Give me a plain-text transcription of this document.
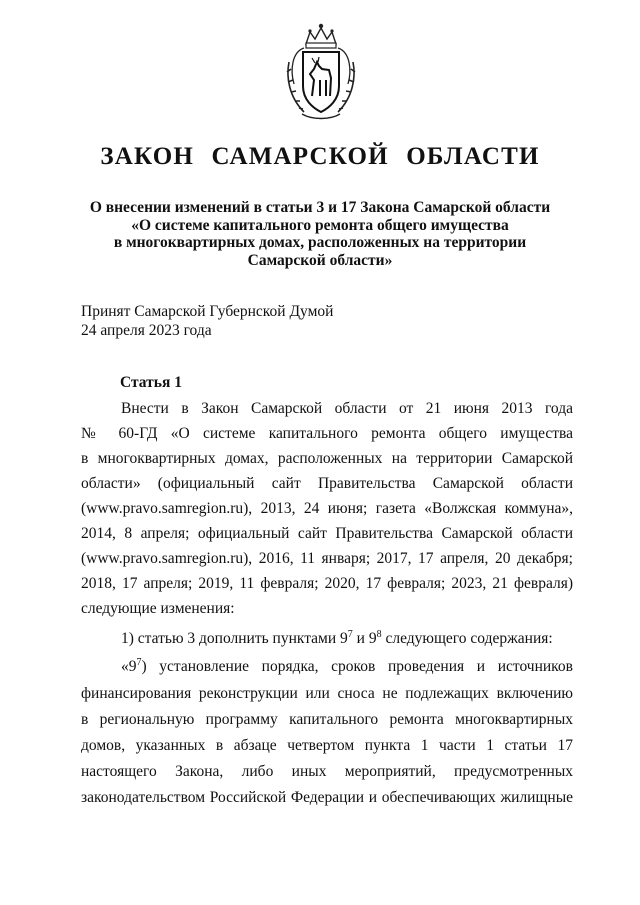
ЗАКОН САМАРСКОЙ ОБЛАСТИ
О внесении изменений в статьи 3 и 17 Закона Самарской области
«О системе капитального ремонта общего имущества
в многоквартирных домах, расположенных на территории
Самарской области»
Принят Самарской Губернской Думой
24 апреля 2023 года
Статья 1
Внести в Закон Самарской области от 21 июня 2013 года
№ 60-ГД «О системе капитального ремонта общего имущества
в многоквартирных домах, расположенных на территории Самарской
области» (официальный сайт Правительства Самарской области
(www.pravo.samregion.ru), 2013, 24 июня; газета «Волжская коммуна»,
2014, 8 апреля; официальный сайт Правительства Самарской области
(www.pravo.samregion.ru), 2016, 11 января; 2017, 17 апреля, 20 декабря;
2018, 17 апреля; 2019, 11 февраля; 2020, 17 февраля; 2023, 21 февраля)
следующие изменения:
1) статью 3 дополнить пунктами $9^7$ и $9^8$ следующего содержания:
«$9^7$ ) установление порядка, сроков проведения и источников
финансирования реконструкции или сноса не подлежащих включению
в региональную программу капитального ремонта многоквартирных
домов, указанных в абзаце четвертом пункта 1 части 1 статьи 17
настоящего Закона, либо иных мероприятий, предусмотренных
законодательством Российской Федерации и обеспечивающих жилищные
